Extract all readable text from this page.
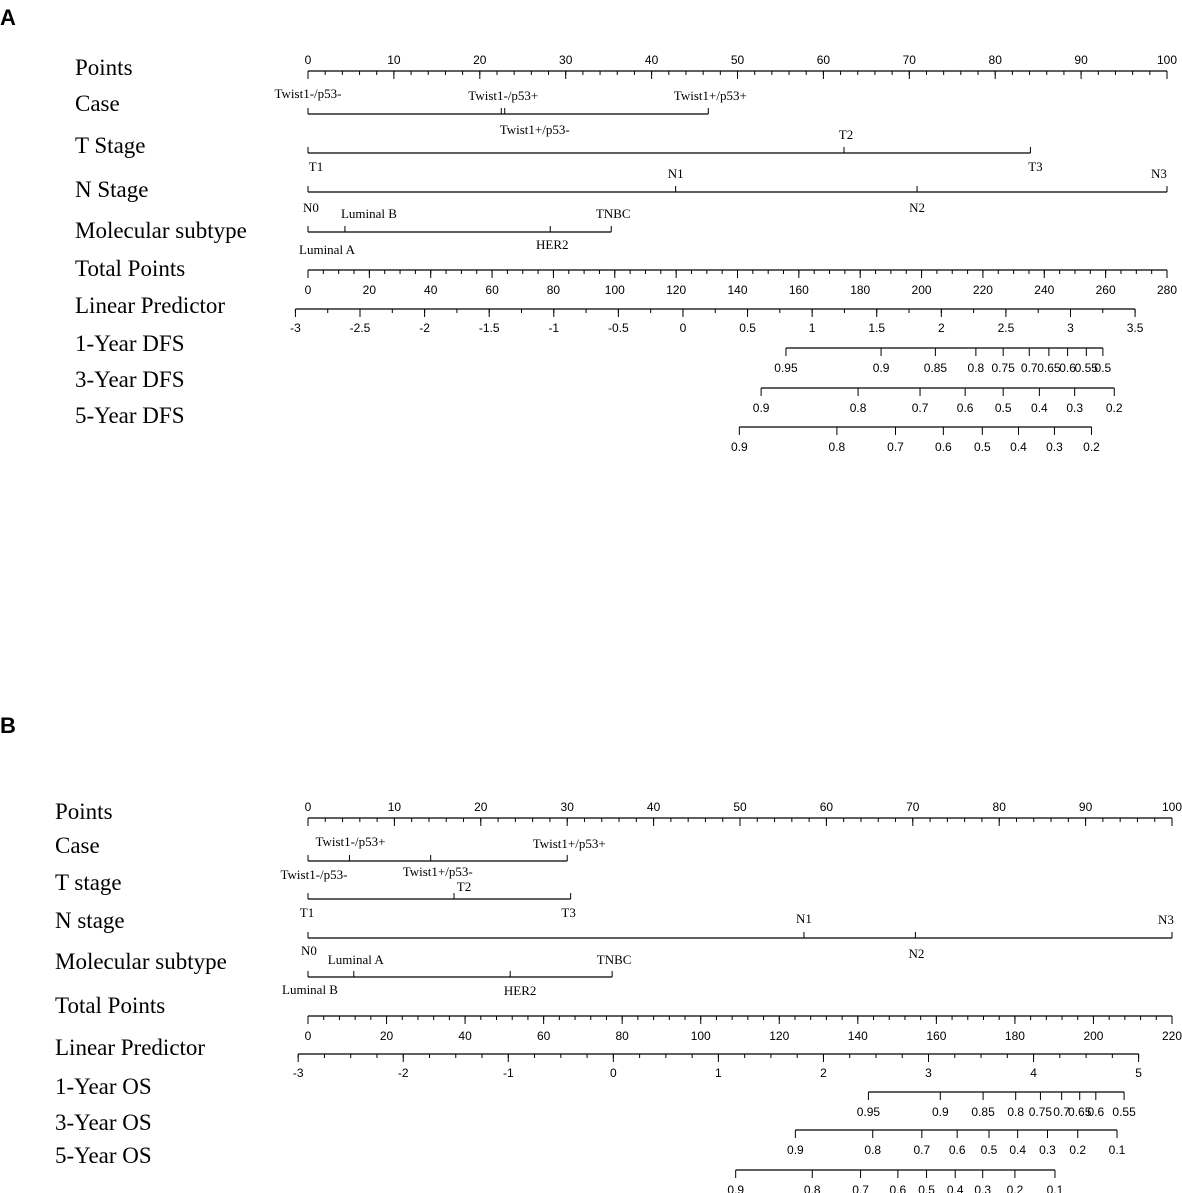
A
Points	0	10	20	30	40	50	60	70	80	90	100
Case	Twist1-/p53-	Twist1-/p53+
Twist1+/p53-
Twist1+/p53+
T Stage
T1
T2
T3
N Stage
N0
N1
N2
N3
Molecular subtype
Luminal A
Luminal B
HER2
TNBC
Total Points
0	20	40	60	80	100	120	140	160	180	200	220	240	260	280
Linear Predictor
-3	-2.5	-2	-1.5	-1	-0.5	0	0.5	1	1.5	2	2.5	3	3.5
1-Year DFS
0.95	0.9	0.85 0.8 0.75 0.7 0.65
0.6
0.55
0.5
3-Year DFS
0.9	0.8	0.7 0.6 0.5 0.4 0.3 0.2
5-Year DFS
0.9	0.8	0.7	0.6 0.5 0.4 0.3 0.2
B
Points	0	10	20	30	40	50	60	70	80	90	100
Case
Twist1-/p53-
Twist1-/p53+
Twist1+/p53-
Twist1+/p53+
T stage
T1
T2
T3
N stage
N0
N1
N2
N3
Molecular subtype
Luminal B
Luminal A
HER2
TNBC
Total Points
0	20	40	60	80	100	120	140	160	180	200	220
Linear Predictor
-3	-2	-1	0	1	2	3	4	5
1-Year OS
0.95	0.9 0.85 0.8 0.75 0.7
0.65
0.6 0.55
3-Year OS
0.9	0.8	0.7 0.6 0.5 0.4 0.3 0.2 0.1
5-Year OS
0.9	0.8	0.7 0.6 0.5 0.4 0.3 0.2 0.1
